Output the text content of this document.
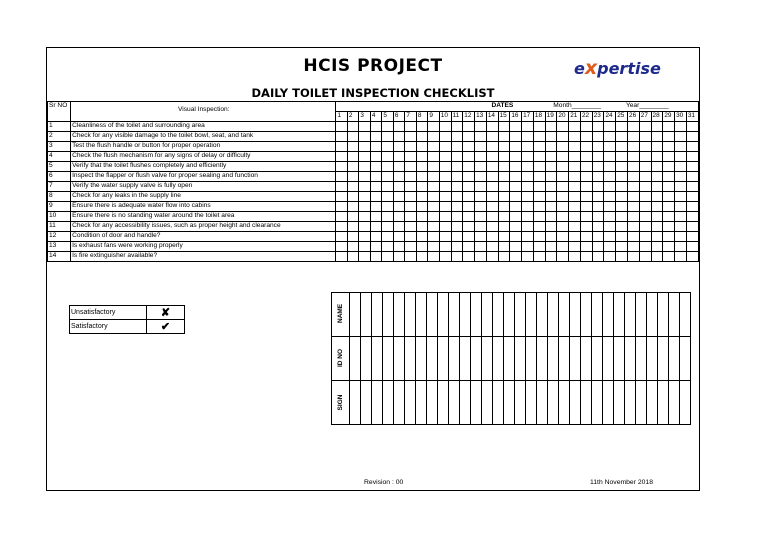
HCIS PROJECT	expertise
DAILY TOILET INSPECTION CHECKLIST
Sr NO		DATES Month________ Year________																														
	Visual Inspection:	1	2	3	4	5	6	7	8	9	10	11	12	13	14	15	16	17	18	19	20	21	22	23	24	25	26	27	28	29	30	31
1	Cleanliness of the toilet and surrounding area																															
2	Check for any visible damage to the toilet bowl, seat, and tank																															
3	Test the flush handle or button for proper operation																															
4	Check the flush mechanism for any signs of delay or difficulty																															
5	Verify that the toilet flushes completely and efficiently																															
6	Inspect the flapper or flush valve for proper sealing and function																															
7	Verify the water supply valve is fully open																															
8	Check for any leaks in the supply line																															
9	Ensure there is adequate water flow into cabins																															
10	Ensure there is no standing water around the toilet area																															
11	Check for any accessibility issues, such as proper height and clearance																															
12	Condition of door and handle?																															
13	Is exhaust fans were working properly																															
14	Is fire extinguisher available?																															
Unsatisfactory	✘
Satisfactory	✔
NAME																															

ID NO																															

SIGN																															

Revision : 00	11th November 2018
